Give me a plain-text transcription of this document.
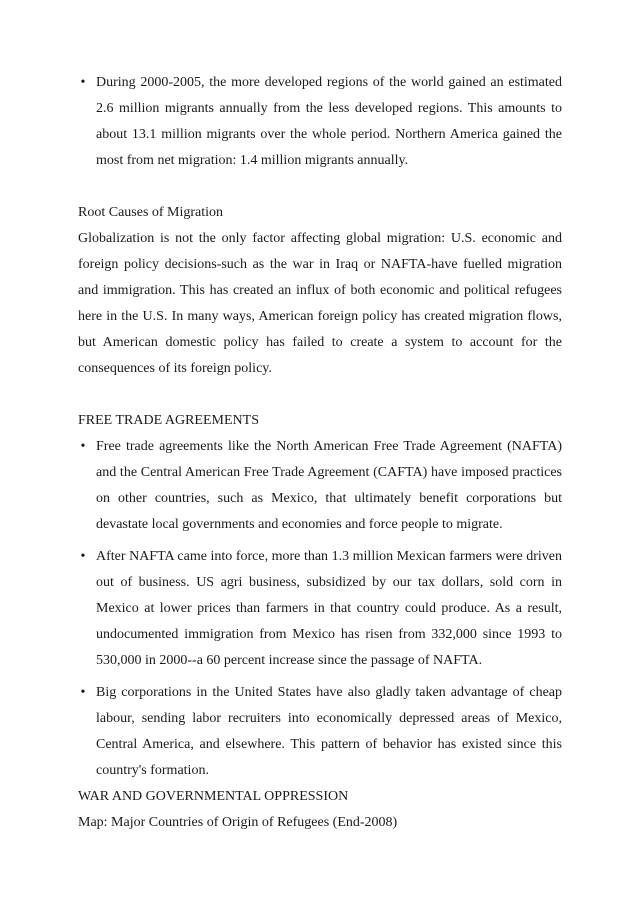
• During 2000-2005, the more developed regions of the world gained an estimated 2.6 million migrants annually from the less developed regions. This amounts to about 13.1 million migrants over the whole period. Northern America gained the most from net migration: 1.4 million migrants annually.

Root Causes of Migration

Globalization is not the only factor affecting global migration: U.S. economic and foreign policy decisions-such as the war in Iraq or NAFTA-have fuelled migration and immigration. This has created an influx of both economic and political refugees here in the U.S. In many ways, American foreign policy has created migration flows, but American domestic policy has failed to create a system to account for the consequences of its foreign policy.

FREE TRADE AGREEMENTS

• Free trade agreements like the North American Free Trade Agreement (NAFTA) and the Central American Free Trade Agreement (CAFTA) have imposed practices on other countries, such as Mexico, that ultimately benefit corporations but devastate local governments and economies and force people to migrate.
• After NAFTA came into force, more than 1.3 million Mexican farmers were driven out of business. US agri business, subsidized by our tax dollars, sold corn in Mexico at lower prices than farmers in that country could produce. As a result, undocumented immigration from Mexico has risen from 332,000 since 1993 to 530,000 in 2000--a 60 percent increase since the passage of NAFTA.
• Big corporations in the United States have also gladly taken advantage of cheap labour, sending labor recruiters into economically depressed areas of Mexico, Central America, and elsewhere. This pattern of behavior has existed since this country's formation.

WAR AND GOVERNMENTAL OPPRESSION

Map: Major Countries of Origin of Refugees (End-2008)
